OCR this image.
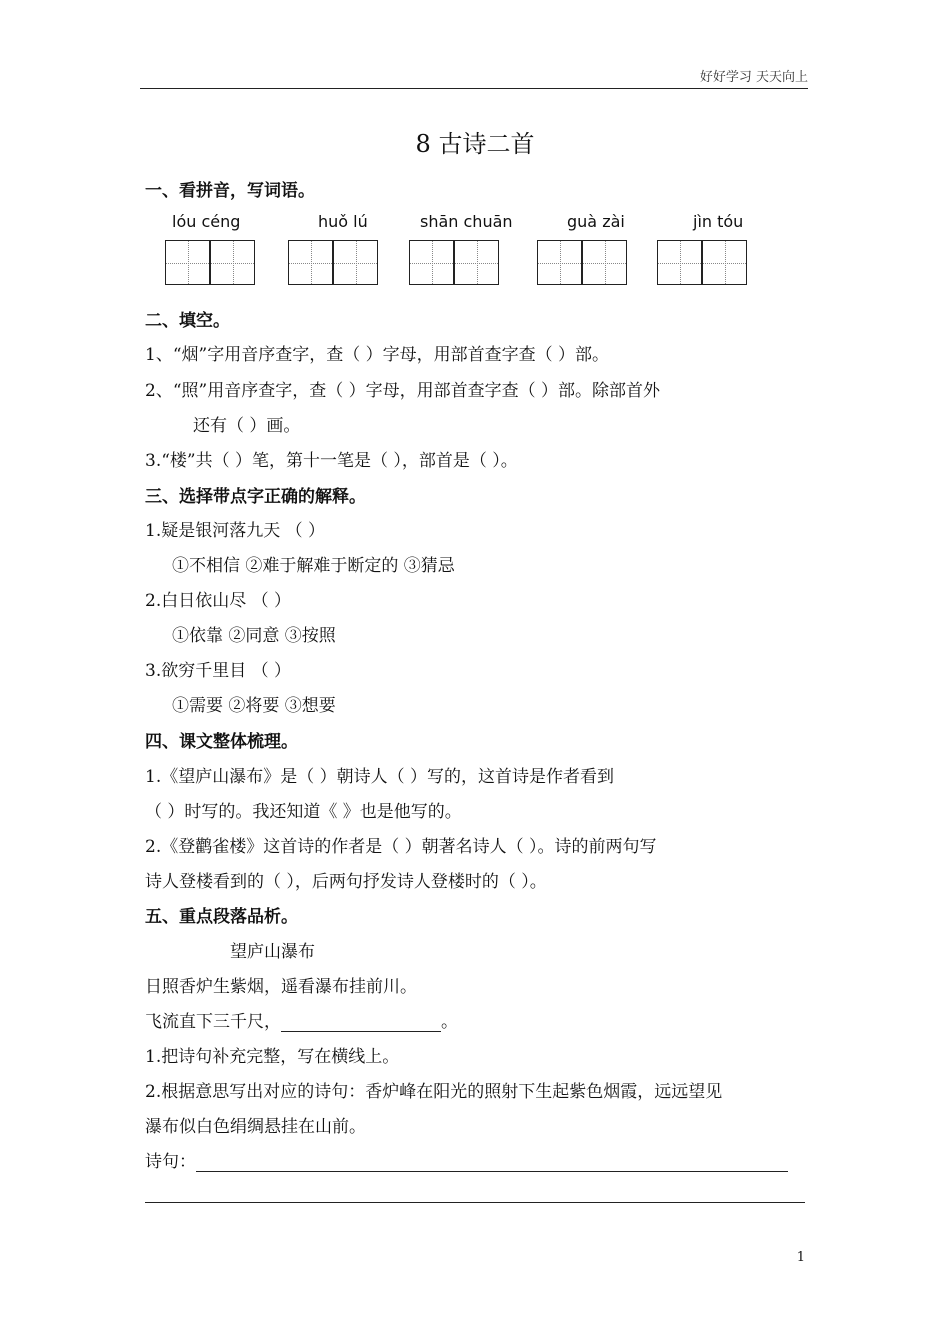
好好学习 天天向上
8 古诗二首
一、看拼音，写词语。
lóu céng	huǒ lú	shān chuān	guà zài	jìn tóu
二、填空。
1、“烟”字用音序查字，查（ ）字母，用部首查字查（ ）部。
2、“照”用音序查字，查（ ）字母，用部首查字查（ ）部。除部首外
还有（ ）画。
3.“楼”共（ ）笔，第十一笔是（ ），部首是（ ）。
三、选择带点字正确的解释。
1.疑是银河落九天 （ ）
①不相信 ②难于解难于断定的 ③猜忌
2.白日依山尽 （ ）
①依靠 ②同意 ③按照
3.欲穷千里目 （ ）
①需要 ②将要 ③想要
四、课文整体梳理。
1.《望庐山瀑布》是（ ）朝诗人（ ）写的，这首诗是作者看到
（ ）时写的。我还知道《 》也是他写的。
2.《登鹳雀楼》这首诗的作者是（ ）朝著名诗人（ ）。诗的前两句写
诗人登楼看到的（ ），后两句抒发诗人登楼时的（ ）。
五、重点段落品析。
望庐山瀑布
日照香炉生紫烟，遥看瀑布挂前川。
飞流直下三千尺，	。
1.把诗句补充完整，写在横线上。
2.根据意思写出对应的诗句：香炉峰在阳光的照射下生起紫色烟霞，远远望见
瀑布似白色绢绸悬挂在山前。
诗句：
1
